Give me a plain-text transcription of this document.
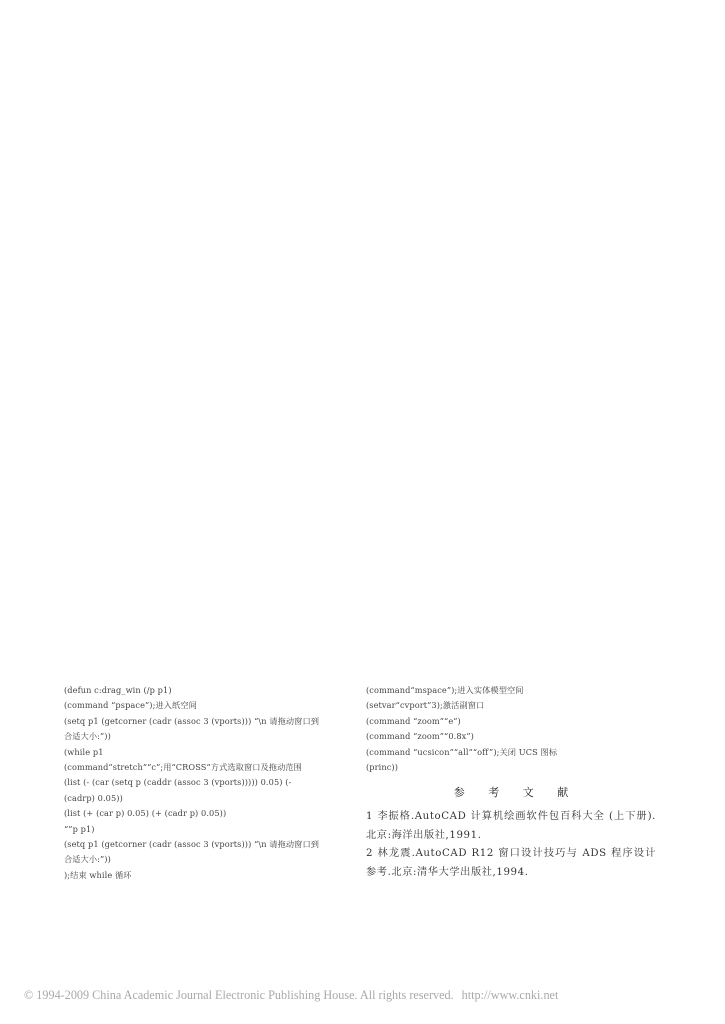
(defun c:drag_win (/p p1)
(command “pspace”);进入纸空间
(setq p1 (getcorner (cadr (assoc 3 (vports))) “\n 请拖动窗口到
合适大小:”))
(while p1
(command“stretch”“c”;用“CROSS”方式选取窗口及拖动范围
(list (- (car (setq p (caddr (assoc 3 (vports))))) 0.05) (-
(cadrp) 0.05))
(list (+ (car p) 0.05) (+ (cadr p) 0.05))
“”p p1)
(setq p1 (getcorner (cadr (assoc 3 (vports))) “\n 请拖动窗口到
合适大小:”))
);结束 while 循环
(command“mspace”);进入实体模型空间
(setvar“cvport”3);激活副窗口
(command “zoom”“e”)
(command “zoom”“0.8x”)
(command “ucsicon”“all”“off”);关闭 UCS 图标
(princ))
参 考 文 献
1 李振格.AutoCAD 计算机绘画软件包百科大全 (上下册).北京:海洋出版社,1991.
2 林龙震.AutoCAD R12 窗口设计技巧与 ADS 程序设计参考.北京:清华大学出版社,1994.
© 1994-2009 China Academic Journal Electronic Publishing House. All rights reserved. http://www.cnki.net
